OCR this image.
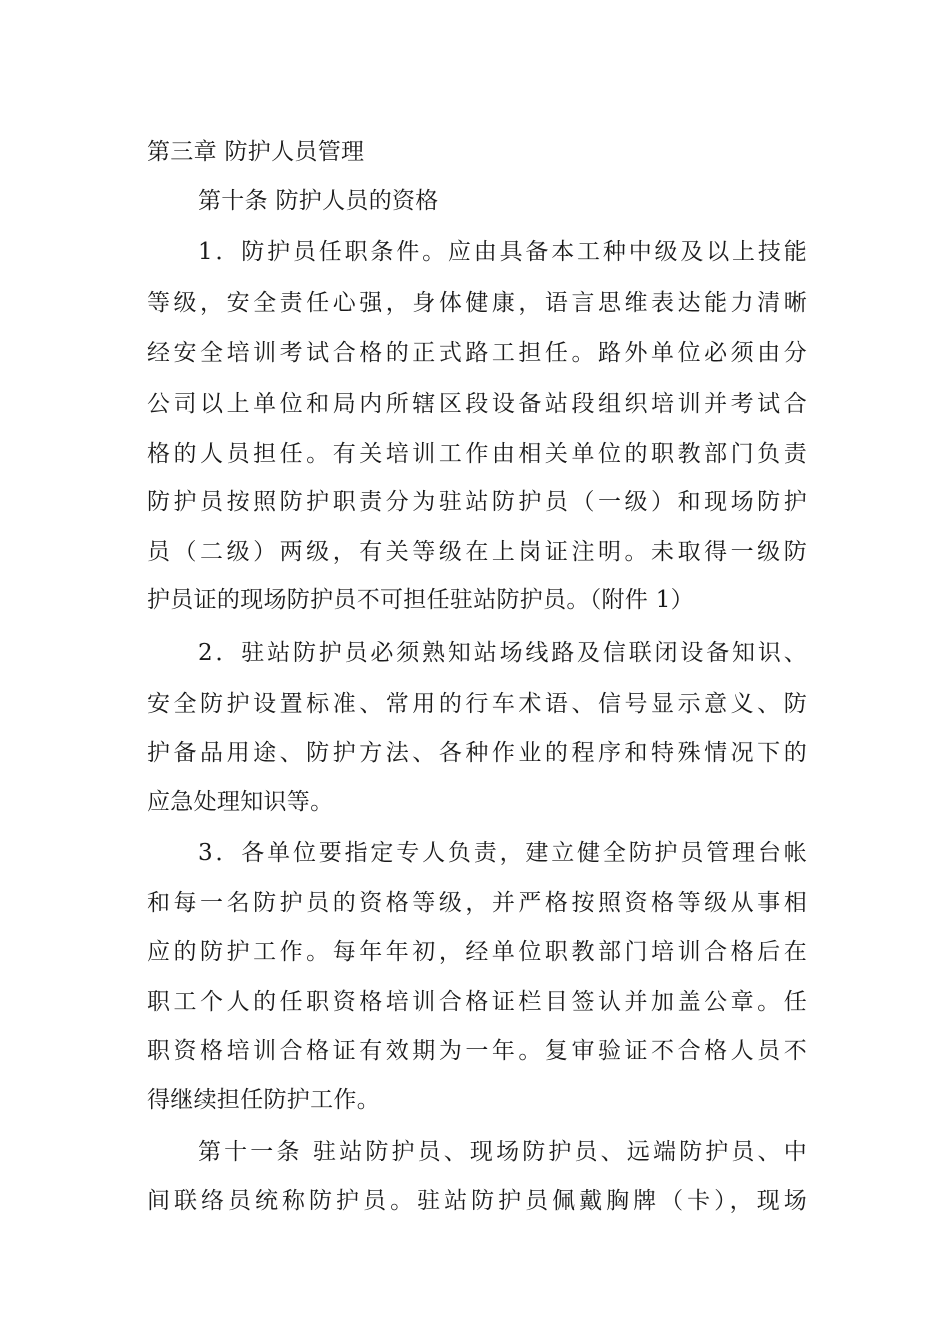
第三章 防护人员管理
第十条 防护人员的资格
1．防护员任职条件。应由具备本工种中级及以上技能
等级，安全责任心强，身体健康，语言思维表达能力清晰
经安全培训考试合格的正式路工担任。路外单位必须由分
公司以上单位和局内所辖区段设备站段组织培训并考试合
格的人员担任。有关培训工作由相关单位的职教部门负责
防护员按照防护职责分为驻站防护员（一级）和现场防护
员（二级）两级，有关等级在上岗证注明。未取得一级防
护员证的现场防护员不可担任驻站防护员。（附件 1）
2．驻站防护员必须熟知站场线路及信联闭设备知识、
安全防护设置标准、常用的行车术语、信号显示意义、防
护备品用途、防护方法、各种作业的程序和特殊情况下的
应急处理知识等。
3．各单位要指定专人负责，建立健全防护员管理台帐
和每一名防护员的资格等级，并严格按照资格等级从事相
应的防护工作。每年年初，经单位职教部门培训合格后在
职工个人的任职资格培训合格证栏目签认并加盖公章。任
职资格培训合格证有效期为一年。复审验证不合格人员不
得继续担任防护工作。
第十一条 驻站防护员、现场防护员、远端防护员、中
间联络员统称防护员。驻站防护员佩戴胸牌（卡），现场
